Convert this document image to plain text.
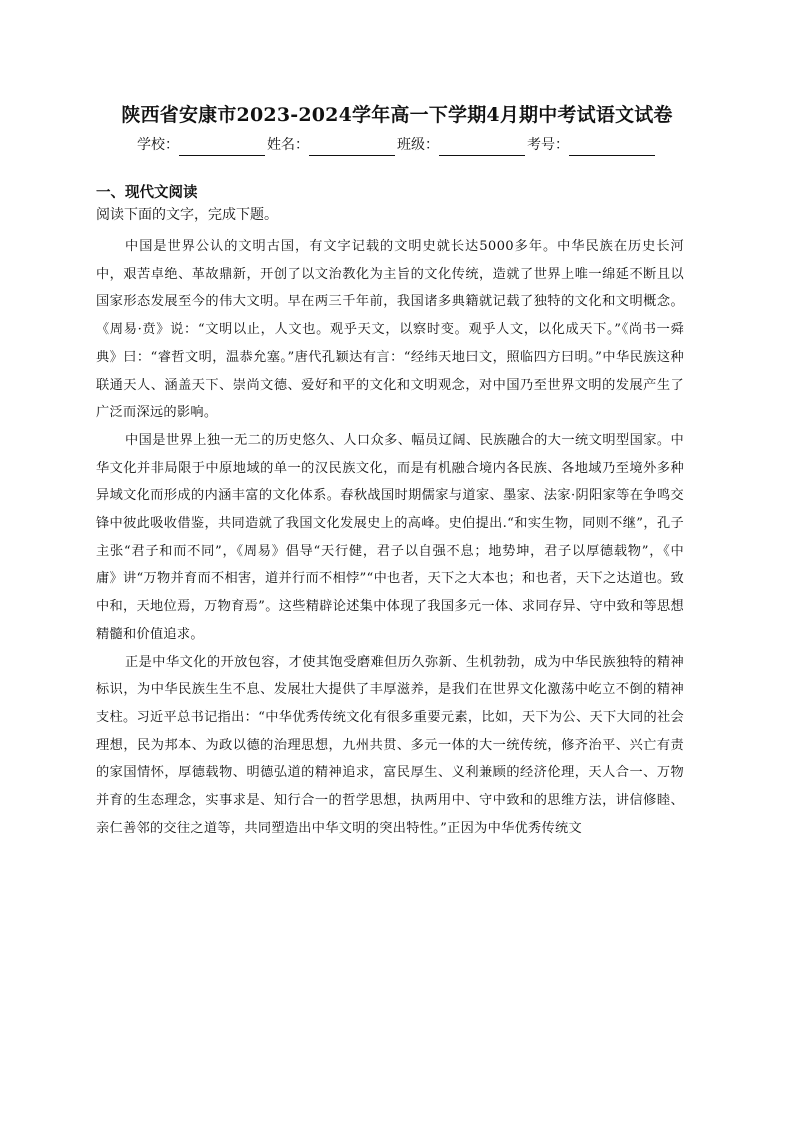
陕西省安康市2023-2024学年高一下学期4月期中考试语文试卷
学校：	姓名：	班级：	考号：
一、现代文阅读
阅读下面的文字，完成下题。

中国是世界公认的文明古国，有文字记载的文明史就长达5000多年。中华民族在历史长河中，艰苦卓绝、革故鼎新，开创了以文治教化为主旨的文化传统，造就了世界上唯一绵延不断且以国家形态发展至今的伟大文明。早在两三千年前，我国诸多典籍就记载了独特的文化和文明概念。《周易·贲》说：“文明以止，人文也。观乎天文，以察时变。观乎人文，以化成天下。”《尚书一舜典》曰：“睿哲文明，温恭允塞。”唐代孔颖达有言：“经纬天地曰文，照临四方曰明。”中华民族这种联通天人、涵盖天下、崇尚文德、爱好和平的文化和文明观念，对中国乃至世界文明的发展产生了广泛而深远的影响。

中国是世界上独一无二的历史悠久、人口众多、幅员辽阔、民族融合的大一统文明型国家。中华文化并非局限于中原地域的单一的汉民族文化，而是有机融合境内各民族、各地域乃至境外多种异域文化而形成的内涵丰富的文化体系。春秋战国时期儒家与道家、墨家、法家·阴阳家等在争鸣交锋中彼此吸收借鉴，共同造就了我国文化发展史上的高峰。史伯提出.“和实生物，同则不继”，孔子主张“君子和而不同”，《周易》倡导“天行健，君子以自强不息；地势坤，君子以厚德载物”，《中庸》讲“万物并育而不相害，道并行而不相悖”“中也者，天下之大本也；和也者，天下之达道也。致中和，天地位焉，万物育焉”。这些精辟论述集中体现了我国多元一体、求同存异、守中致和等思想精髓和价值追求。

正是中华文化的开放包容，才使其饱受磨难但历久弥新、生机勃勃，成为中华民族独特的精神标识，为中华民族生生不息、发展壮大提供了丰厚滋养，是我们在世界文化激荡中屹立不倒的精神支柱。习近平总书记指出：“中华优秀传统文化有很多重要元素，比如，天下为公、天下大同的社会理想，民为邦本、为政以德的治理思想，九州共贯、多元一体的大一统传统，修齐治平、兴亡有责的家国情怀，厚德载物、明德弘道的精神追求，富民厚生、义利兼顾的经济伦理，天人合一、万物并育的生态理念，实事求是、知行合一的哲学思想，执两用中、守中致和的思维方法，讲信修睦、亲仁善邻的交往之道等，共同塑造出中华文明的突出特性。”正因为中华优秀传统文
